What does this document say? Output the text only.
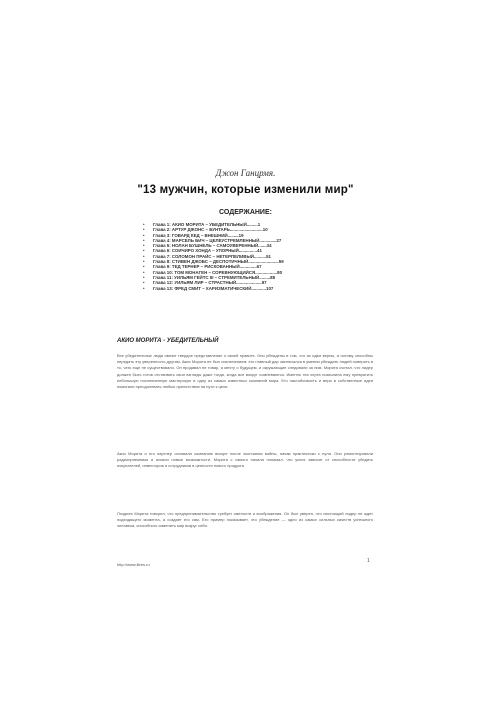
Джон Ганцрмя.
"13 мужчин, которые изменили мир"
СОДЕРЖАНИЕ:
• Глава 1: АКИО МОРИТА – УБЕДИТЕЛЬНЫЙ.........1
• Глава 2: АРТУР ДЖОНС – БУНТАРЬ...........................10
• Глава 3: ГОВАРД КЕД – ВНЕШНИЙ.........19
• Глава 4: МАРСЕЛЬ БИЧ – ЦЕЛЕУСТРЕМЛЕННЫЙ..............27
• Глава 5: НОЛАН БУШНЕЛЬ – САМОУВЕРЕННЫЙ.......34
• Глава 6: СОИЧИРО ХОНДА – УПОРНЫЙ...............41
• Глава 7: СОЛОМОН ПРАЙС – НЕТЕРПЕЛИВЫЙ..........51
• Глава 8: СТИВЕН ДЖОБС – ДЕСПОТИЧНЫЙ.........................59
• Глава 9: ТЕД ТЕРНЕР – РИСКОВАННЫЙ..............67
• Глава 10: ТОМ МОНАГЕН – СОРЕВНУЮЩИЙСЯ..................80
• Глава 11: УИЛЬЯМ ГЕЙТС III – СТРЕМИТЕЛЬНЫЙ.........88
• Глава 12: УИЛЬЯМ ЛИР – СТРАСТНЫЙ.....................97
• Глава 13: ФРЕД СМИТ – ХАРИЗМАТИЧЕСКИЙ............107
АКИО МОРИТА - УБЕДИТЕЛЬНЫЙ

Все убедительные люди имеют твердое представление о своей правоте. Они убеждены в том, что их идеи верны, и потому способны передать эту уверенность другим. Акио Морита не был исключением: его главный дар заключался в умении убеждать людей поверить в то, чего еще не существовало. Он продавал не товар, а мечту о будущем, и окружающие следовали за ним. Морита считал, что лидер должен быть готов отстаивать свои взгляды даже тогда, когда все вокруг сомневаются. Именно эта черта позволила ему превратить небольшую послевоенную мастерскую в одну из самых известных компаний мира. Его настойчивость и вера в собственные идеи помогали преодолевать любые препятствия на пути к цели.

Акио Морита и его партнер основали компанию вскоре после окончания войны, начав практически с нуля. Они ремонтировали радиоприемники и искали новые возможности. Морита с самого начала понимал, что успех зависит от способности убедить покупателей, инвесторов и сотрудников в ценности нового продукта.

Позднее Морита говорил, что предпринимательство требует смелости и воображения. Он был уверен, что настоящий лидер не ждет подходящего момента, а создает его сам. Его пример показывает, что убеждение — одно из самых сильных качеств успешного человека, способного изменить мир вокруг себя.

http://www.litres.ru
1
